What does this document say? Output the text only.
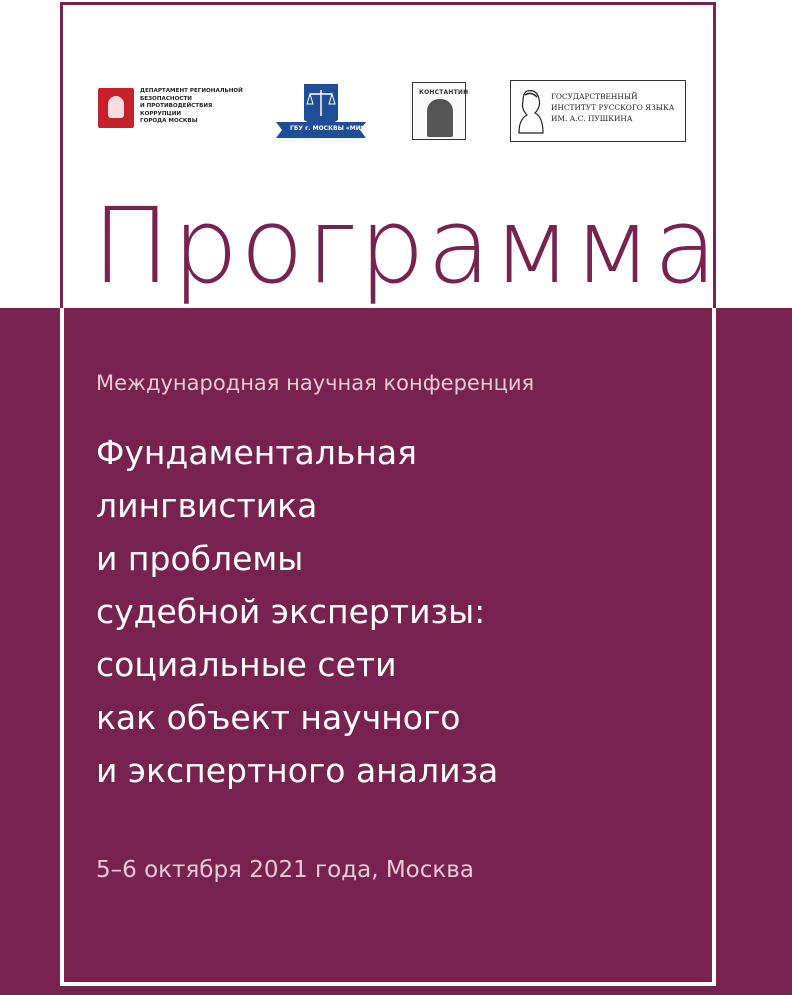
ДЕПАРТАМЕНТ РЕГИОНАЛЬНОЙ
БЕЗОПАСНОСТИ
И ПРОТИВОДЕЙСТВИЯ
КОРРУПЦИИ
ГОРОДА МОСКВЫ
ГБУ г. МОСКВЫ «МИЦ»
КОНСТАНТИН	ГОСУДАРСТВЕННЫЙ
ИНСТИТУТ РУССКОГО ЯЗЫКА
ИМ. А.С. ПУШКИНА
Программа
Международная научная конференция
Фундаментальная
лингвистика
и проблемы
судебной экспертизы:
социальные сети
как объект научного
и экспертного анализа
5–6 октября 2021 года, Москва
